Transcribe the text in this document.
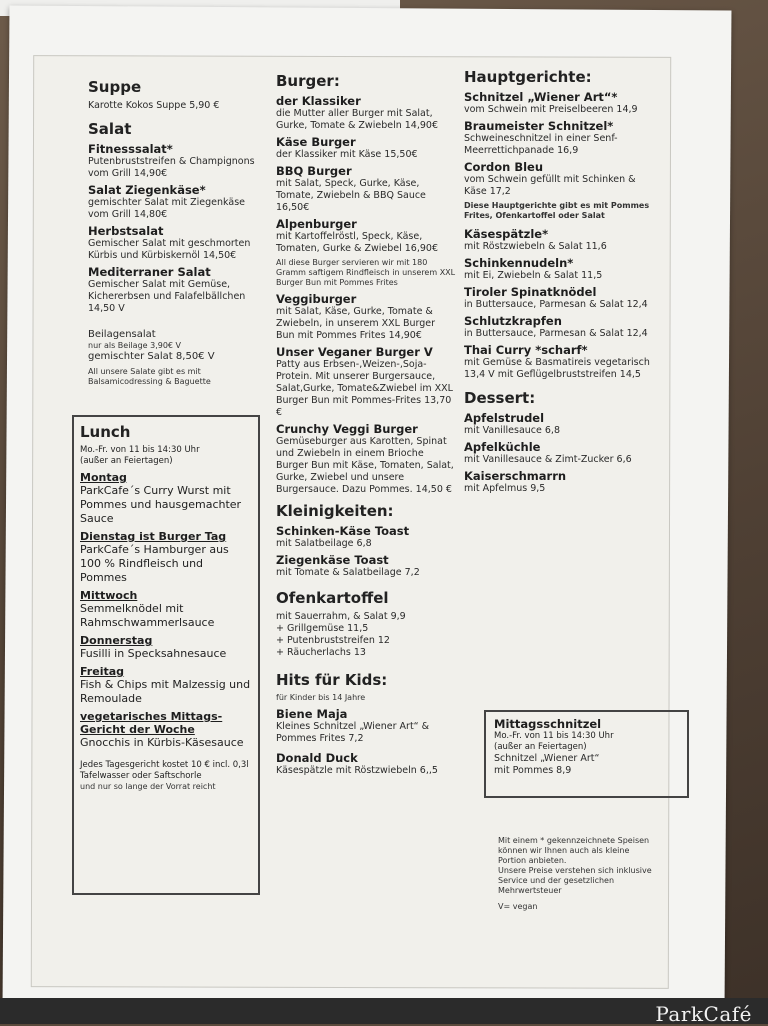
Suppe
Karotte Kokos Suppe 5,90 €
Salat
Fitnesssalat*
Putenbruststreifen & Champignons vom Grill 14,90€
Salat Ziegenkäse*
gemischter Salat mit Ziegenkäse vom Grill 14,80€
Herbstsalat
Gemischer Salat mit geschmorten Kürbis und Kürbiskernöl 14,50€
Mediterraner Salat
Gemischer Salat mit Gemüse, Kichererbsen und Falafelbällchen 14,50 V
Beilagensalat
nur als Beilage 3,90€ V
gemischter Salat 8,50€ V
All unsere Salate gibt es mit Balsamicodressing & Baguette
Lunch
Mo.-Fr. von 11 bis 14:30 Uhr
(außer an Feiertagen)
Montag
ParkCafe´s Curry Wurst mit Pommes und hausgemachter Sauce
Dienstag ist Burger Tag
ParkCafe´s Hamburger aus 100 % Rindfleisch und Pommes
Mittwoch
Semmelknödel mit Rahmschwammerlsauce
Donnerstag
Fusilli in Specksahnesauce
Freitag
Fish & Chips mit Malzessig und Remoulade
vegetarisches Mittags- Gericht der Woche
Gnocchis in Kürbis-Käsesauce
Jedes Tagesgericht kostet 10 € incl. 0,3l Tafelwasser oder Saftschorle
und nur so lange der Vorrat reicht
Burger:
der Klassiker
die Mutter aller Burger mit Salat, Gurke, Tomate & Zwiebeln 14,90€
Käse Burger
der Klassiker mit Käse 15,50€
BBQ Burger
mit Salat, Speck, Gurke, Käse, Tomate, Zwiebeln & BBQ Sauce 16,50€
Alpenburger
mit Kartoffelröstl, Speck, Käse, Tomaten, Gurke & Zwiebel 16,90€
All diese Burger servieren wir mit 180 Gramm saftigem Rindfleisch in unserem XXL Burger Bun mit Pommes Frites
Veggiburger
mit Salat, Käse, Gurke, Tomate & Zwiebeln, in unserem XXL Burger Bun mit Pommes Frites 14,90€
Unser Veganer Burger V
Patty aus Erbsen-,Weizen-,Soja-Protein. Mit unserer Burgersauce, Salat,Gurke, Tomate&Zwiebel im XXL Burger Bun mit Pommes-Frites 13,70 €
Crunchy Veggi Burger
Gemüseburger aus Karotten, Spinat und Zwiebeln in einem Brioche Burger Bun mit Käse, Tomaten, Salat, Gurke, Zwiebel und unsere Burgersauce. Dazu Pommes. 14,50 €
Kleinigkeiten:
Schinken-Käse Toast
mit Salatbeilage 6,8
Ziegenkäse Toast
mit Tomate & Salatbeilage 7,2
Ofenkartoffel
mit Sauerrahm, & Salat 9,9
+ Grillgemüse 11,5
+ Putenbruststreifen 12
+ Räucherlachs 13
Hits für Kids:
für Kinder bis 14 Jahre
Biene Maja
Kleines Schnitzel „Wiener Art“ & Pommes Frites 7,2
Donald Duck
Käsespätzle mit Röstzwiebeln 6,,5
Hauptgerichte:
Schnitzel „Wiener Art“*
vom Schwein mit Preiselbeeren 14,9
Braumeister Schnitzel*
Schweineschnitzel in einer Senf-Meerrettichpanade 16,9
Cordon Bleu
vom Schwein gefüllt mit Schinken & Käse 17,2
Diese Hauptgerichte gibt es mit Pommes Frites, Ofenkartoffel oder Salat
Käsespätzle*
mit Röstzwiebeln & Salat 11,6
Schinkennudeln*
mit Ei, Zwiebeln & Salat 11,5
Tiroler Spinatknödel
in Buttersauce, Parmesan & Salat 12,4
Schlutzkrapfen
in Buttersauce, Parmesan & Salat 12,4
Thai Curry *scharf*
mit Gemüse & Basmatireis vegetarisch 13,4 V mit Geflügelbruststreifen 14,5
Dessert:
Apfelstrudel
mit Vanillesauce 6,8
Apfelküchle
mit Vanillesauce & Zimt-Zucker 6,6
Kaiserschmarrn
mit Apfelmus 9,5
Mittagsschnitzel
Mo.-Fr. von 11 bis 14:30 Uhr
(außer an Feiertagen)
Schnitzel „Wiener Art“
mit Pommes 8,9
Mit einem * gekennzeichnete Speisen können wir Ihnen auch als kleine Portion anbieten.
Unsere Preise verstehen sich inklusive Service und der gesetzlichen Mehrwertsteuer
V= vegan
ParkCafé
